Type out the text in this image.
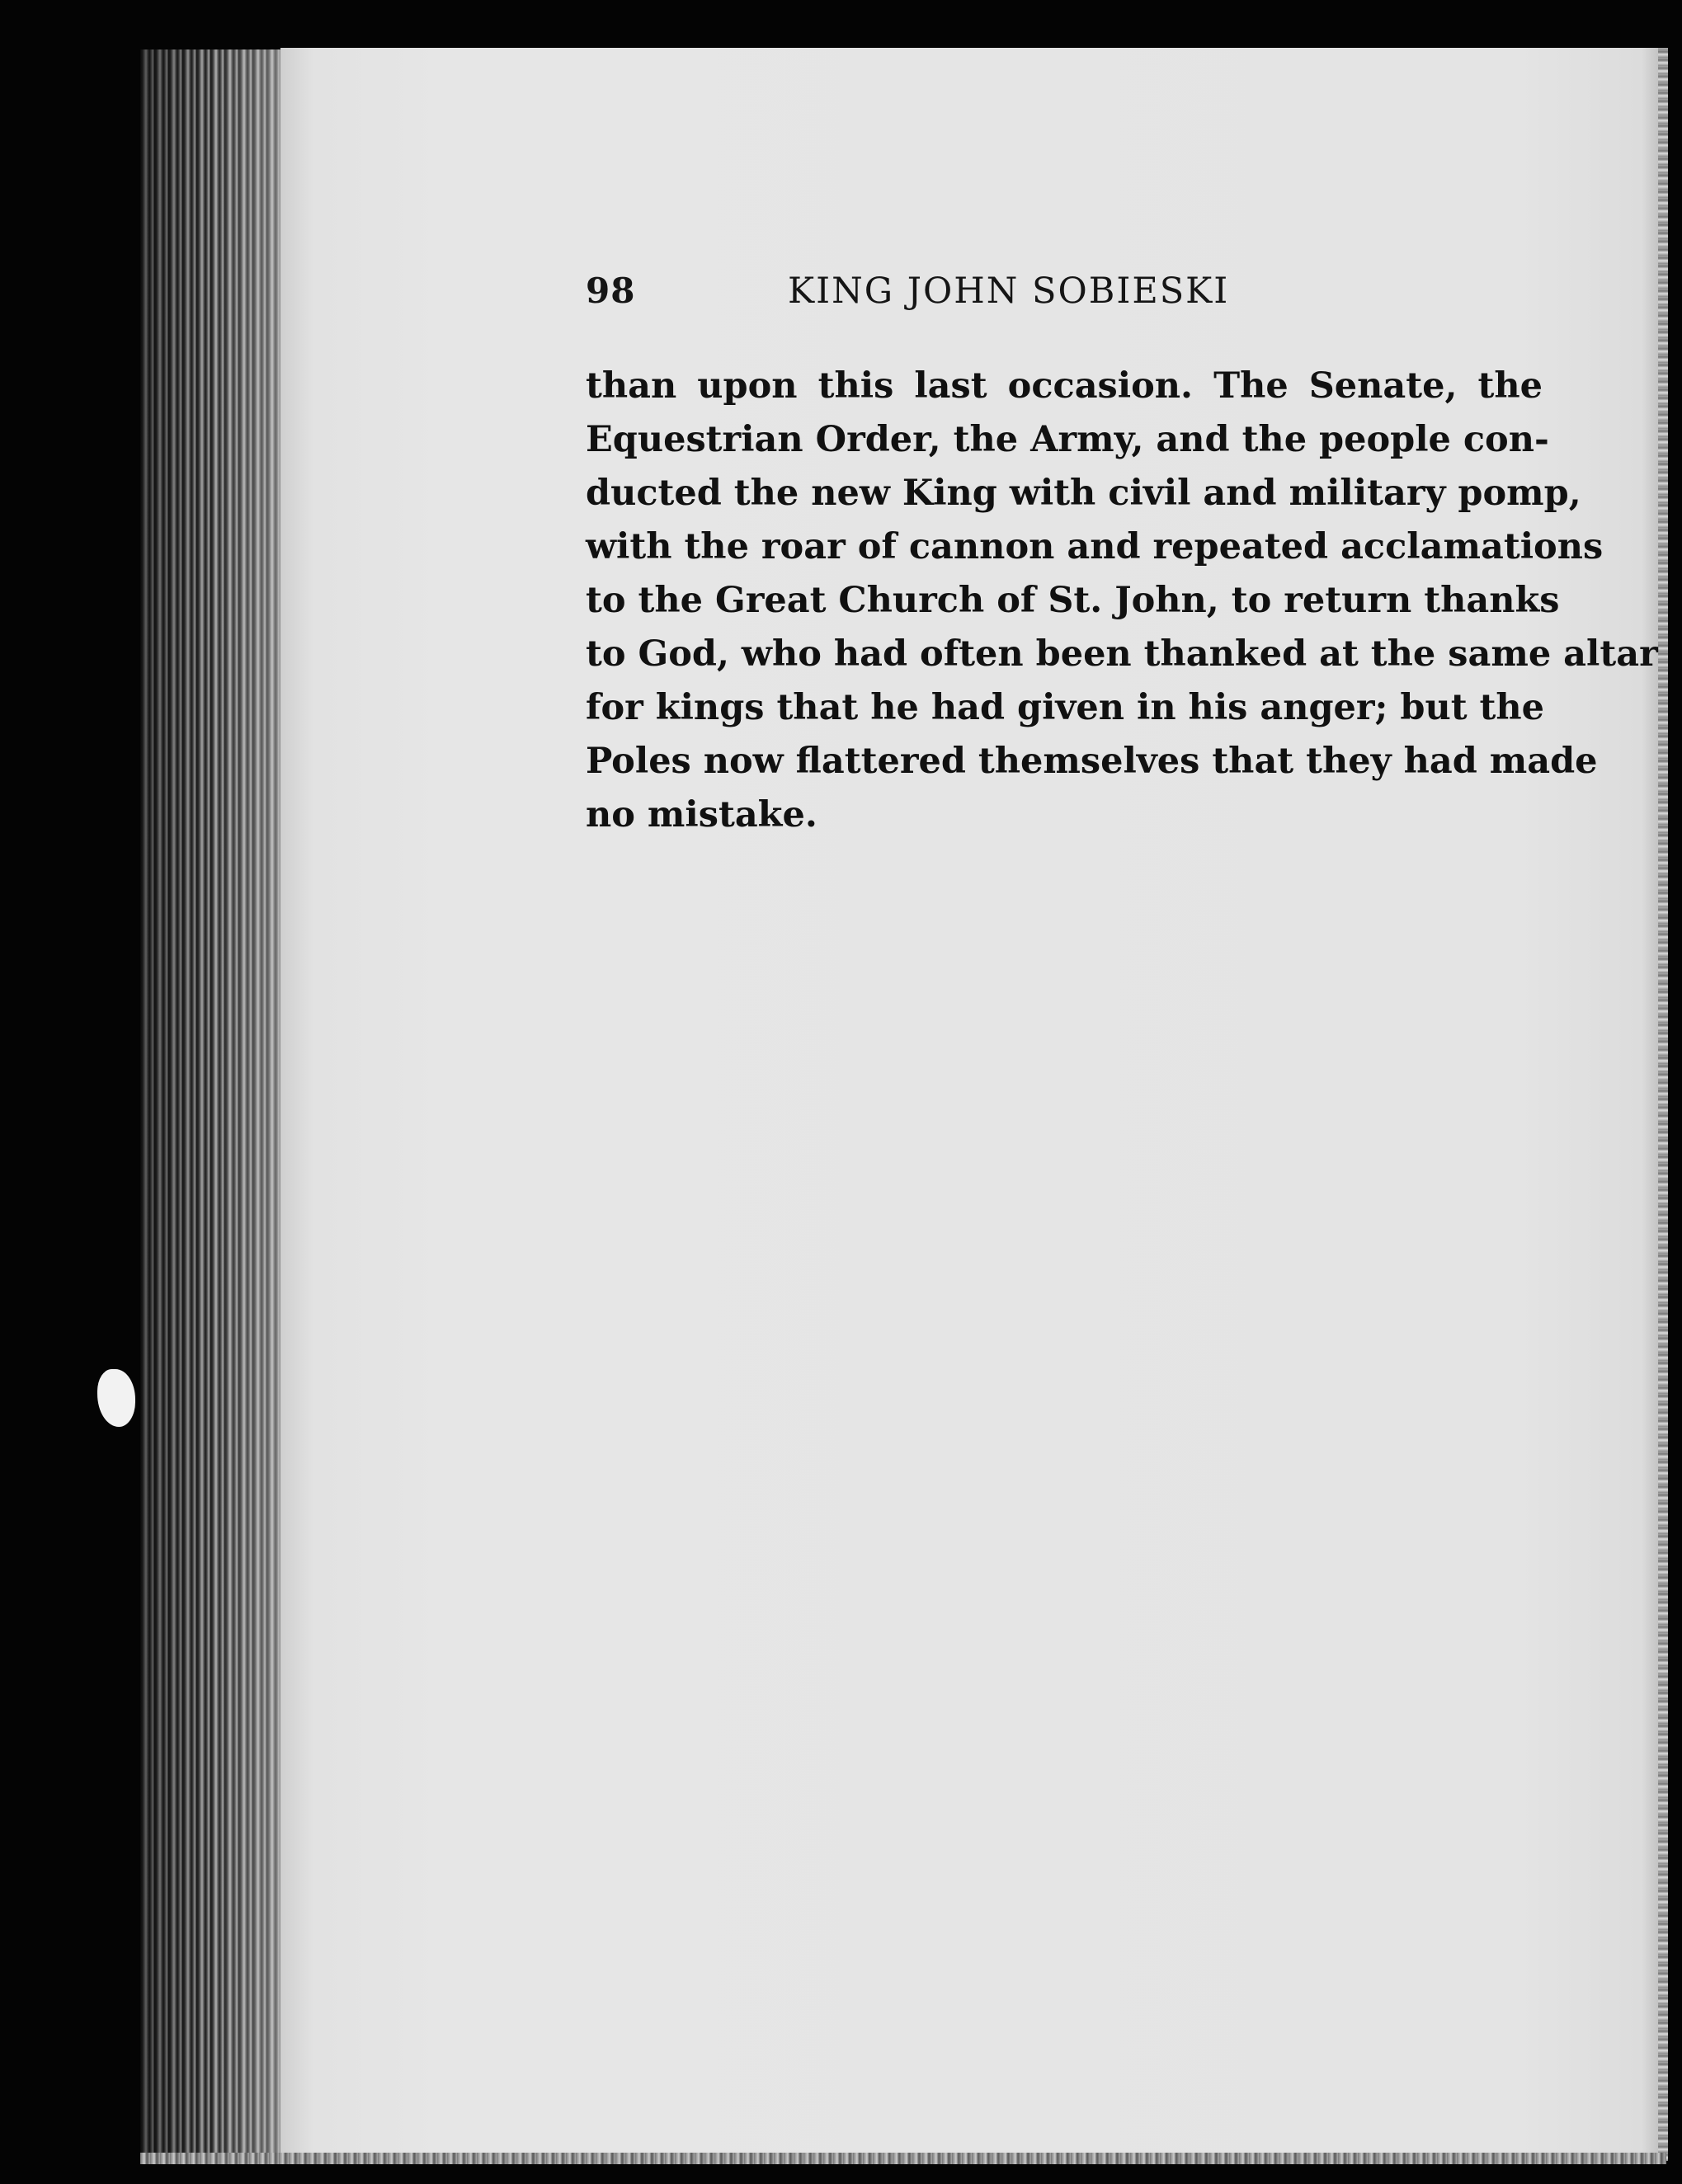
98	KING JOHN SOBIESKI
than upon this last occasion. The Senate, the
Equestrian Order, the Army, and the people con-
ducted the new King with civil and military pomp,
with the roar of cannon and repeated acclamations
to the Great Church of St. John, to return thanks
to God, who had often been thanked at the same altar
for kings that he had given in his anger; but the
Poles now flattered themselves that they had made
no mistake.
